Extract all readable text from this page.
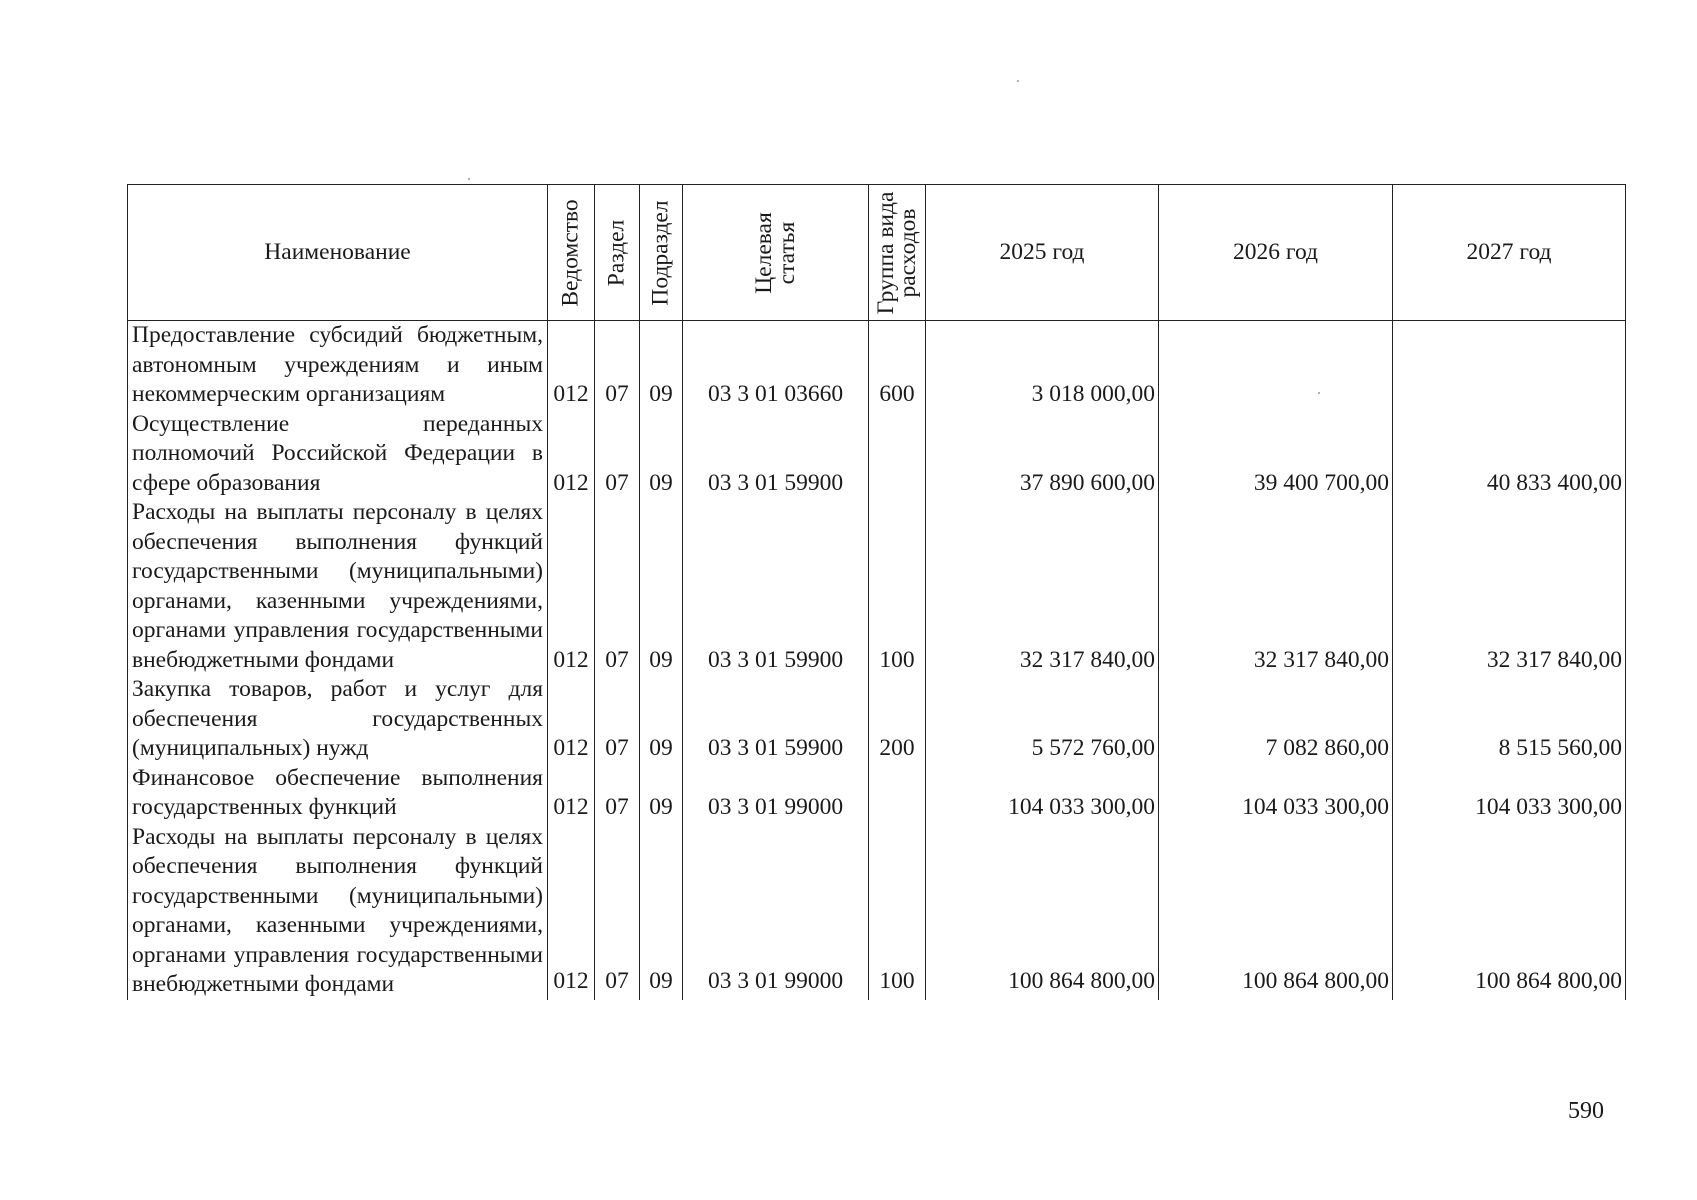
Наименование	Ведомство	Раздел	Подраздел	Целевая статья	Группа вида расходов	2025 год	2026 год	2027 год
Предоставление субсидий бюджетным, автономным учреждениям и иным некоммерческим организациям	012	07	09	03 3 01 03660	600	3 018 000,00		
Осуществление переданных полномочий Российской Федерации в сфере образования	012	07	09	03 3 01 59900		37 890 600,00	39 400 700,00	40 833 400,00
Расходы на выплаты персоналу в целях обеспечения выполнения функций государственными (муниципальными) органами, казенными учреждениями, органами управления государственными внебюджетными фондами	012	07	09	03 3 01 59900	100	32 317 840,00	32 317 840,00	32 317 840,00
Закупка товаров, работ и услуг для обеспечения государственных (муниципальных) нужд	012	07	09	03 3 01 59900	200	5 572 760,00	7 082 860,00	8 515 560,00
Финансовое обеспечение выполнения государственных функций	012	07	09	03 3 01 99000		104 033 300,00	104 033 300,00	104 033 300,00
Расходы на выплаты персоналу в целях обеспечения выполнения функций государственными (муниципальными) органами, казенными учреждениями, органами управления государственными внебюджетными фондами	012	07	09	03 3 01 99000	100	100 864 800,00	100 864 800,00	100 864 800,00
590
